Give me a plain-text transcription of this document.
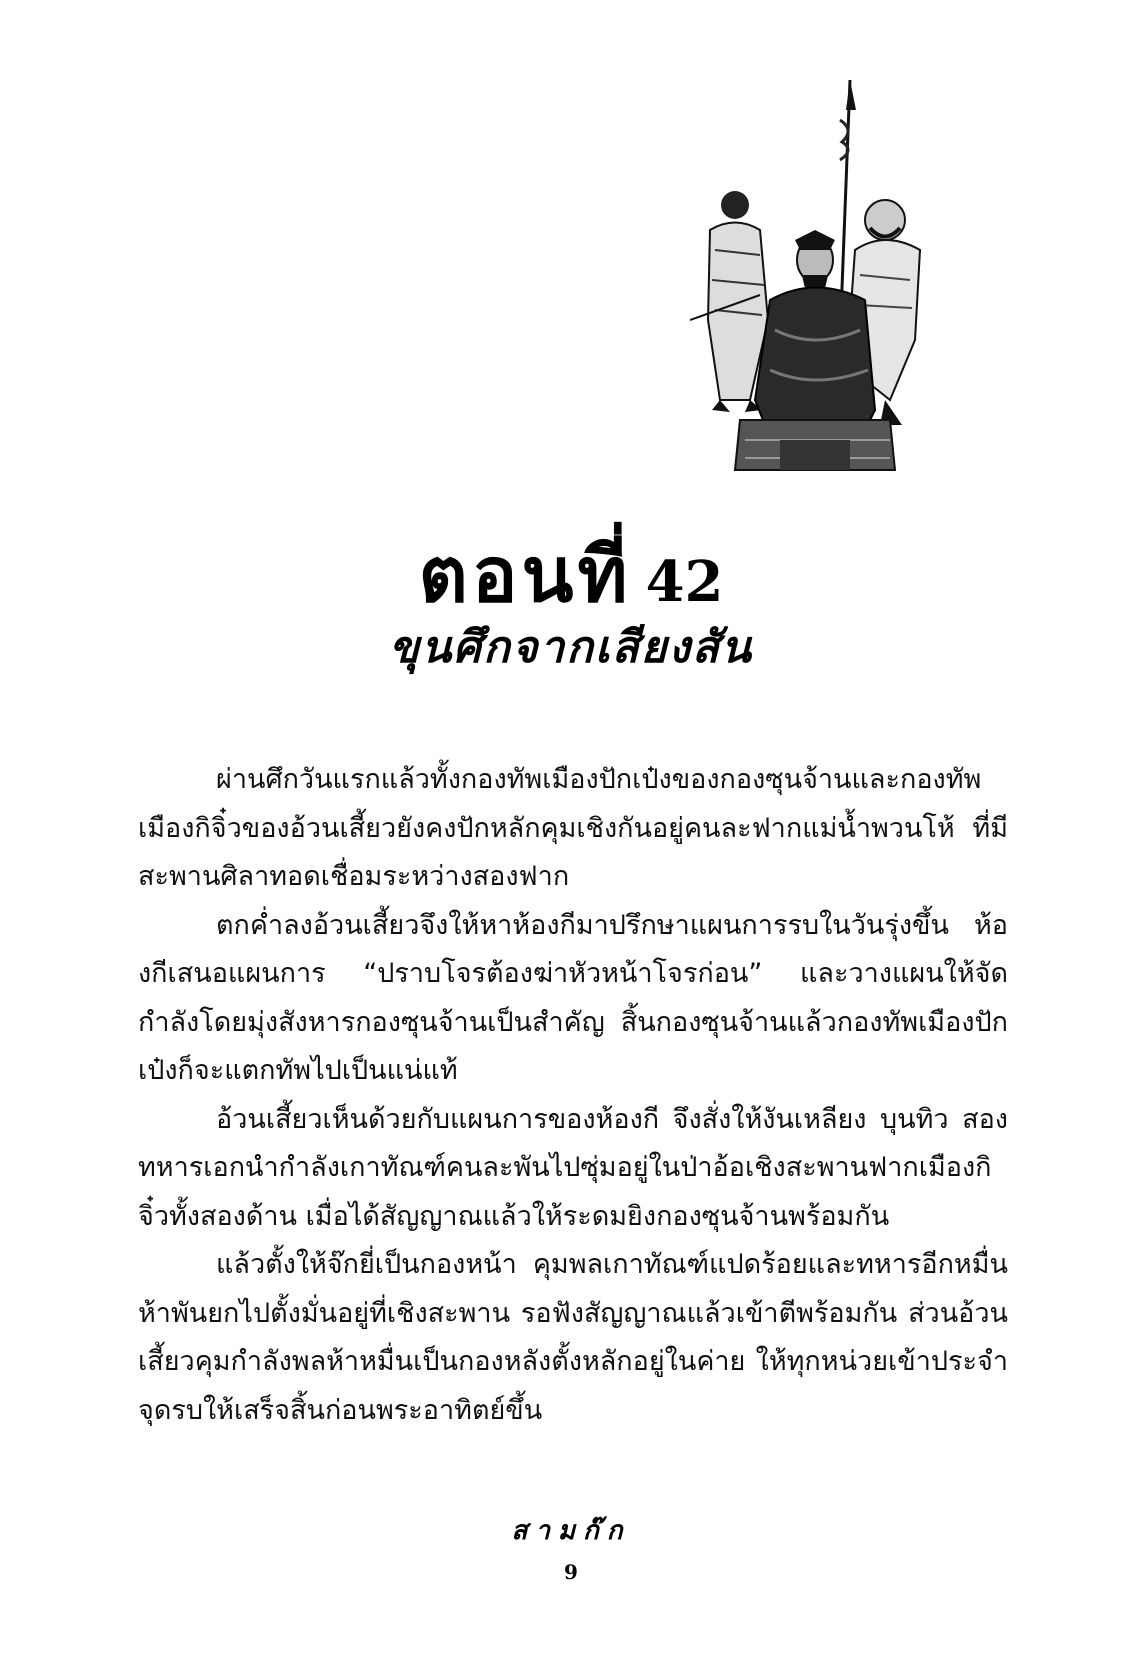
ตอนที่ 42
ขุนศึกจากเสียงสัน

ผ่านศึกวันแรกแล้วทั้งกองทัพเมืองปักเป๋งของกองซุนจ้านและกองทัพเมืองกิจิ๋วของอ้วนเสี้ยวยังคงปักหลักคุมเชิงกันอยู่คนละฟากแม่น้ำพวนโห้ ที่มีสะพานศิลาทอดเชื่อมระหว่างสองฟาก

ตกค่ำลงอ้วนเสี้ยวจึงให้หาห้องกีมาปรึกษาแผนการรบในวันรุ่งขึ้น ห้องกีเสนอแผนการ “ปราบโจรต้องฆ่าหัวหน้าโจรก่อน” และวางแผนให้จัดกำลังโดยมุ่งสังหารกองซุนจ้านเป็นสำคัญ สิ้นกองซุนจ้านแล้วกองทัพเมืองปักเป๋งก็จะแตกทัพไปเป็นแน่แท้

อ้วนเสี้ยวเห็นด้วยกับแผนการของห้องกี จึงสั่งให้งันเหลียง บุนทิว สองทหารเอกนำกำลังเกาทัณฑ์คนละพันไปซุ่มอยู่ในป่าอ้อเชิงสะพานฟากเมืองกิจิ๋วทั้งสองด้าน เมื่อได้สัญญาณแล้วให้ระดมยิงกองซุนจ้านพร้อมกัน

แล้วตั้งให้จ๊กยี่เป็นกองหน้า คุมพลเกาทัณฑ์แปดร้อยและทหารอีกหมื่นห้าพันยกไปตั้งมั่นอยู่ที่เชิงสะพาน รอฟังสัญญาณแล้วเข้าตีพร้อมกัน ส่วนอ้วนเสี้ยวคุมกำลังพลห้าหมื่นเป็นกองหลังตั้งหลักอยู่ในค่าย ให้ทุกหน่วยเข้าประจำจุดรบให้เสร็จสิ้นก่อนพระอาทิตย์ขึ้น

สามก๊ก
9
